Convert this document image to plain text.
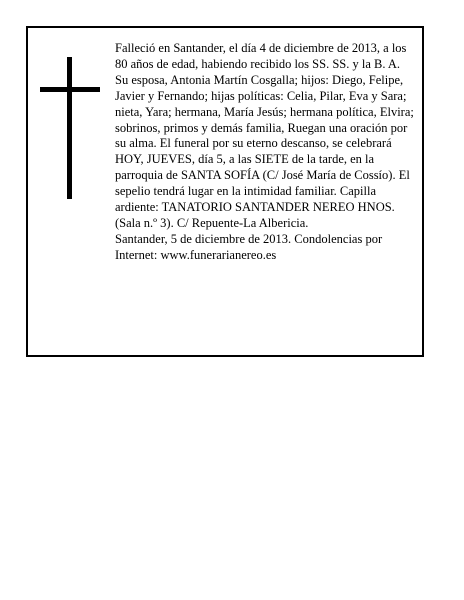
Falleció en Santander, el día 4 de diciembre de 2013, a los 80 años de edad, habiendo recibido los SS. SS. y la B. A.

Su esposa, Antonia Martín Cosgalla; hijos: Diego, Felipe, Javier y Fernando; hijas políticas: Celia, Pilar, Eva y Sara; nieta, Yara; hermana, María Jesús; hermana política, Elvira; sobrinos, primos y demás familia, Ruegan una oración por su alma. El funeral por su eterno descanso, se celebrará HOY, JUEVES, día 5, a las SIETE de la tarde, en la parroquia de SANTA SOFÍA (C/ José María de Cossío). El sepelio tendrá lugar en la intimidad familiar. Capilla ardiente: TANATORIO SANTANDER NEREO HNOS. (Sala n.º 3). C/ Repuente-La Albericia.

Santander, 5 de diciembre de 2013. Condolencias por Internet: www.funerarianereo.es
